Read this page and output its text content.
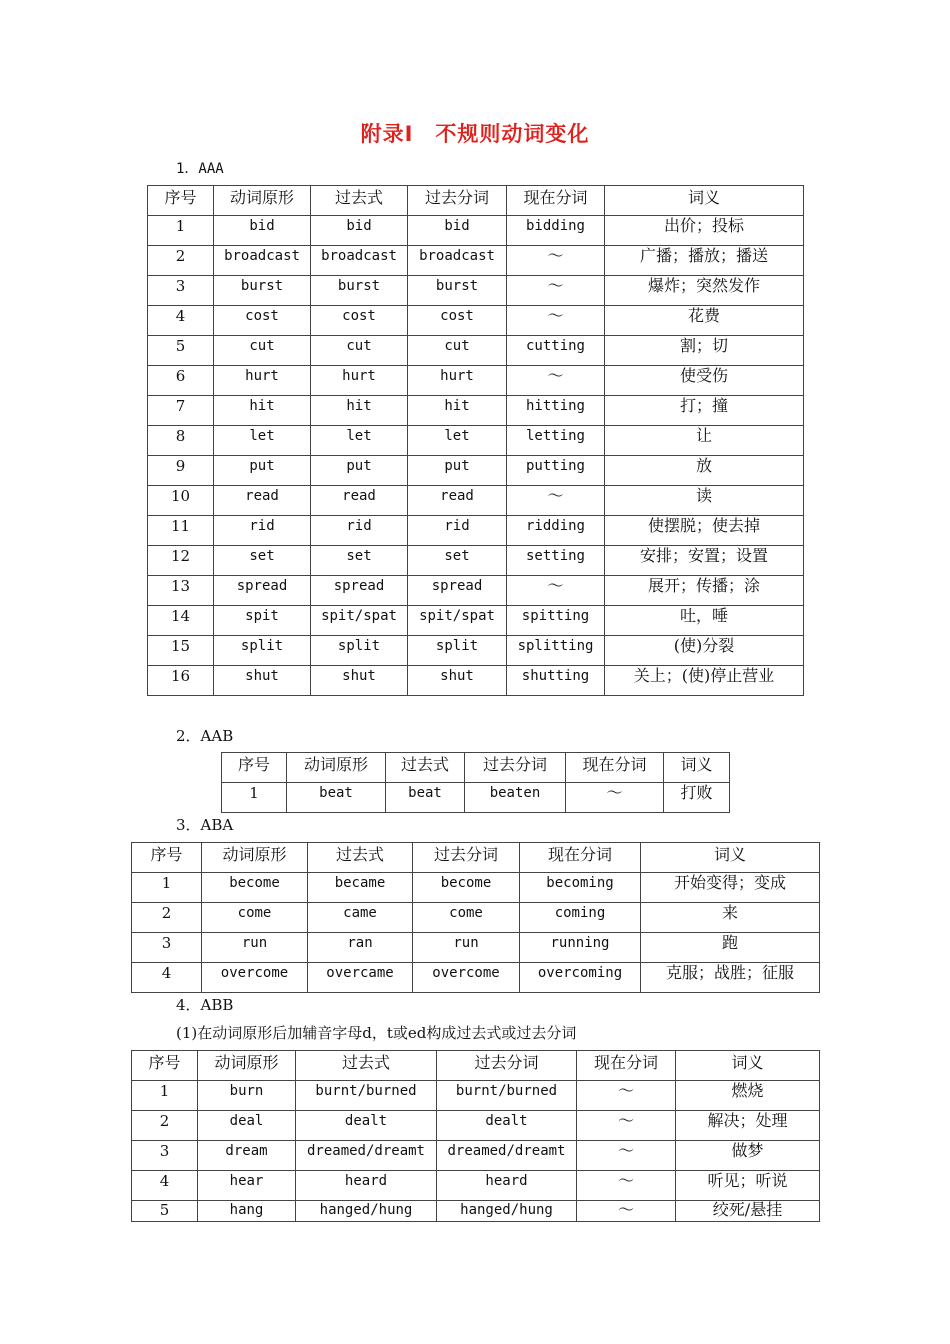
附录Ⅰ　不规则动词变化
1．AAA
序号	动词原形	过去式	过去分词	现在分词	词义
1	bid	bid	bid	bidding	出价；投标
2	broadcast	broadcast	broadcast	～	广播；播放；播送
3	burst	burst	burst	～	爆炸；突然发作
4	cost	cost	cost	～	花费
5	cut	cut	cut	cutting	割；切
6	hurt	hurt	hurt	～	使受伤
7	hit	hit	hit	hitting	打；撞
8	let	let	let	letting	让
9	put	put	put	putting	放
10	read	read	read	～	读
11	rid	rid	rid	ridding	使摆脱；使去掉
12	set	set	set	setting	安排；安置；设置
13	spread	spread	spread	～	展开；传播；涂
14	spit	spit/spat	spit/spat	spitting	吐，唾
15	split	split	split	splitting	(使)分裂
16	shut	shut	shut	shutting	关上；(使)停止营业
2．AAB
序号	动词原形	过去式	过去分词	现在分词	词义
1	beat	beat	beaten	～	打败
3．ABA
序号	动词原形	过去式	过去分词	现在分词	词义
1	become	became	become	becoming	开始变得；变成
2	come	came	come	coming	来
3	run	ran	run	running	跑
4	overcome	overcame	overcome	overcoming	克服；战胜；征服
4．ABB
(1)在动词原形后加辅音字母d，t或ed构成过去式或过去分词
序号	动词原形	过去式	过去分词	现在分词	词义
1	burn	burnt/burned	burnt/burned	～	燃烧
2	deal	dealt	dealt	～	解决；处理
3	dream	dreamed/dreamt	dreamed/dreamt	～	做梦
4	hear	heard	heard	～	听见；听说
5	hang	hanged/hung	hanged/hung	～	绞死/悬挂
